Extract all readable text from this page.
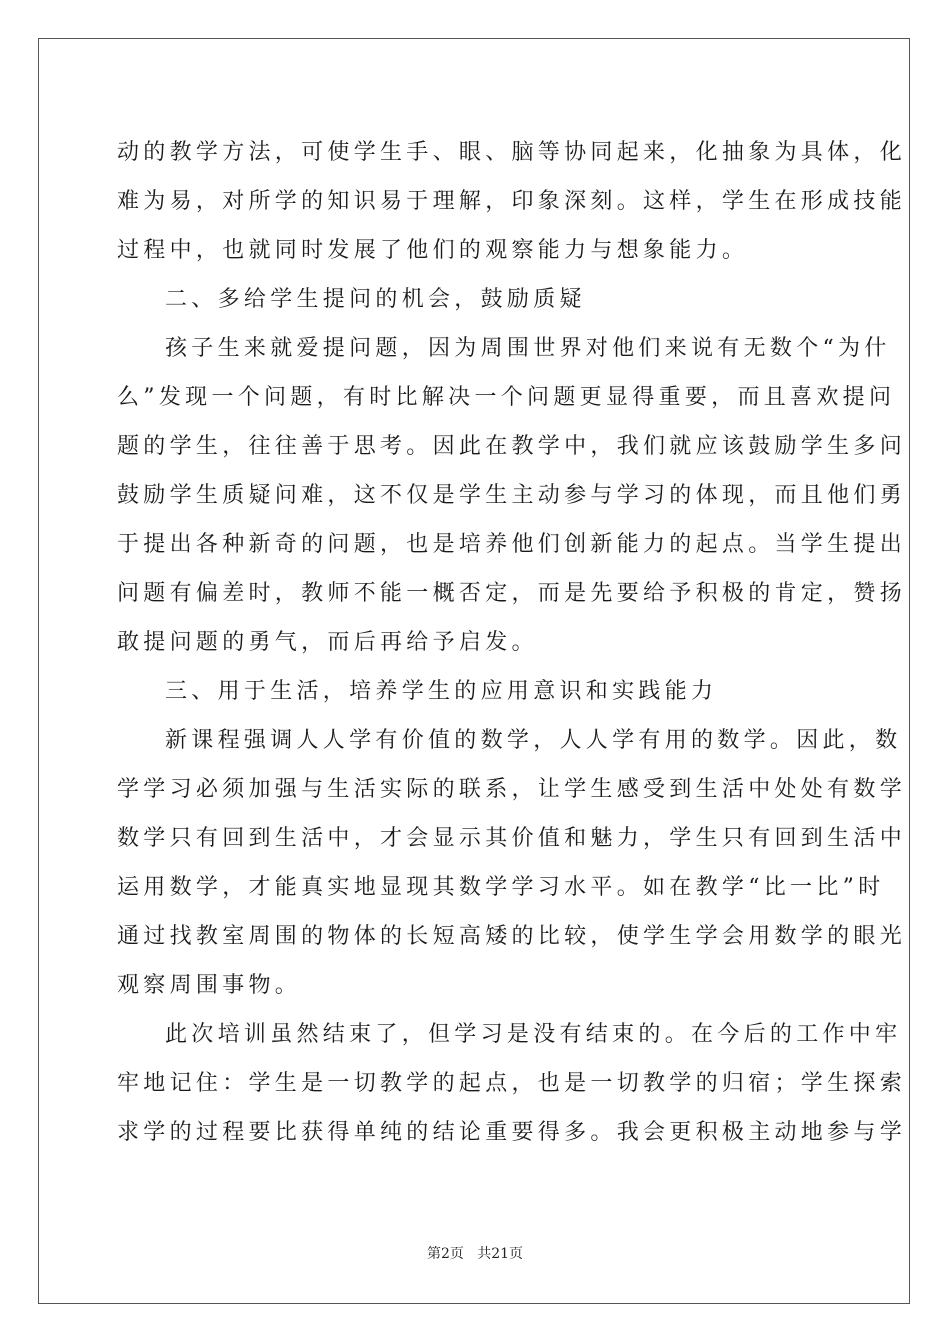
动的教学方法，可使学生手、眼、脑等协同起来，化抽象为具体，化
难为易，对所学的知识易于理解，印象深刻。这样，学生在形成技能
过程中，也就同时发展了他们的观察能力与想象能力。
二、多给学生提问的机会，鼓励质疑
孩子生来就爱提问题，因为周围世界对他们来说有无数个“为什
么”发现一个问题，有时比解决一个问题更显得重要，而且喜欢提问
题的学生，往往善于思考。因此在教学中，我们就应该鼓励学生多问
鼓励学生质疑问难，这不仅是学生主动参与学习的体现，而且他们勇
于提出各种新奇的问题，也是培养他们创新能力的起点。当学生提出
问题有偏差时，教师不能一概否定，而是先要给予积极的肯定，赞扬
敢提问题的勇气，而后再给予启发。
三、用于生活，培养学生的应用意识和实践能力
新课程强调人人学有价值的数学，人人学有用的数学。因此，数
学学习必须加强与生活实际的联系，让学生感受到生活中处处有数学
数学只有回到生活中，才会显示其价值和魅力，学生只有回到生活中
运用数学，才能真实地显现其数学学习水平。如在教学“比一比”时
通过找教室周围的物体的长短高矮的比较，使学生学会用数学的眼光
观察周围事物。
此次培训虽然结束了，但学习是没有结束的。在今后的工作中牢
牢地记住：学生是一切教学的起点，也是一切教学的归宿；学生探索
求学的过程要比获得单纯的结论重要得多。我会更积极主动地参与学
第2页   共21页
